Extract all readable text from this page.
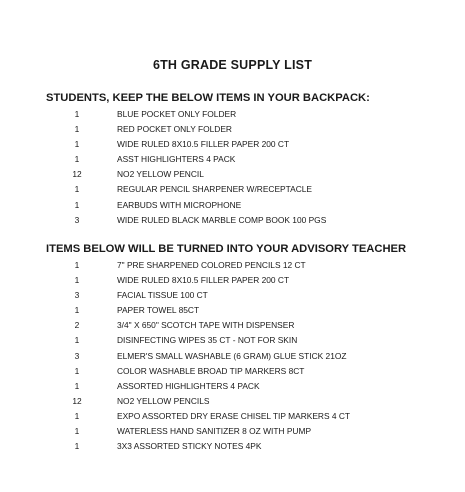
6TH GRADE SUPPLY LIST
STUDENTS, KEEP THE BELOW ITEMS IN YOUR BACKPACK:
1	BLUE POCKET ONLY FOLDER
1	RED POCKET ONLY FOLDER
1	WIDE RULED 8X10.5 FILLER PAPER 200 CT
1	ASST HIGHLIGHTERS 4 PACK
12	NO2 YELLOW PENCIL
1	REGULAR PENCIL SHARPENER W/RECEPTACLE
1	EARBUDS WITH MICROPHONE
3	WIDE RULED BLACK MARBLE COMP BOOK 100 PGS
ITEMS BELOW WILL BE TURNED INTO YOUR ADVISORY TEACHER
1	7" PRE SHARPENED COLORED PENCILS 12 CT
1	WIDE RULED 8X10.5 FILLER PAPER 200 CT
3	FACIAL TISSUE 100 CT
1	PAPER TOWEL 85CT
2	3/4" X 650" SCOTCH TAPE WITH DISPENSER
1	DISINFECTING WIPES 35 CT - NOT FOR SKIN
3	ELMER'S SMALL WASHABLE (6 GRAM) GLUE STICK 21OZ
1	COLOR WASHABLE BROAD TIP MARKERS 8CT
1	ASSORTED HIGHLIGHTERS 4 PACK
12	NO2 YELLOW PENCILS
1	EXPO ASSORTED DRY ERASE CHISEL TIP MARKERS 4 CT
1	WATERLESS HAND SANITIZER 8 OZ WITH PUMP
1	3X3 ASSORTED STICKY NOTES 4PK
